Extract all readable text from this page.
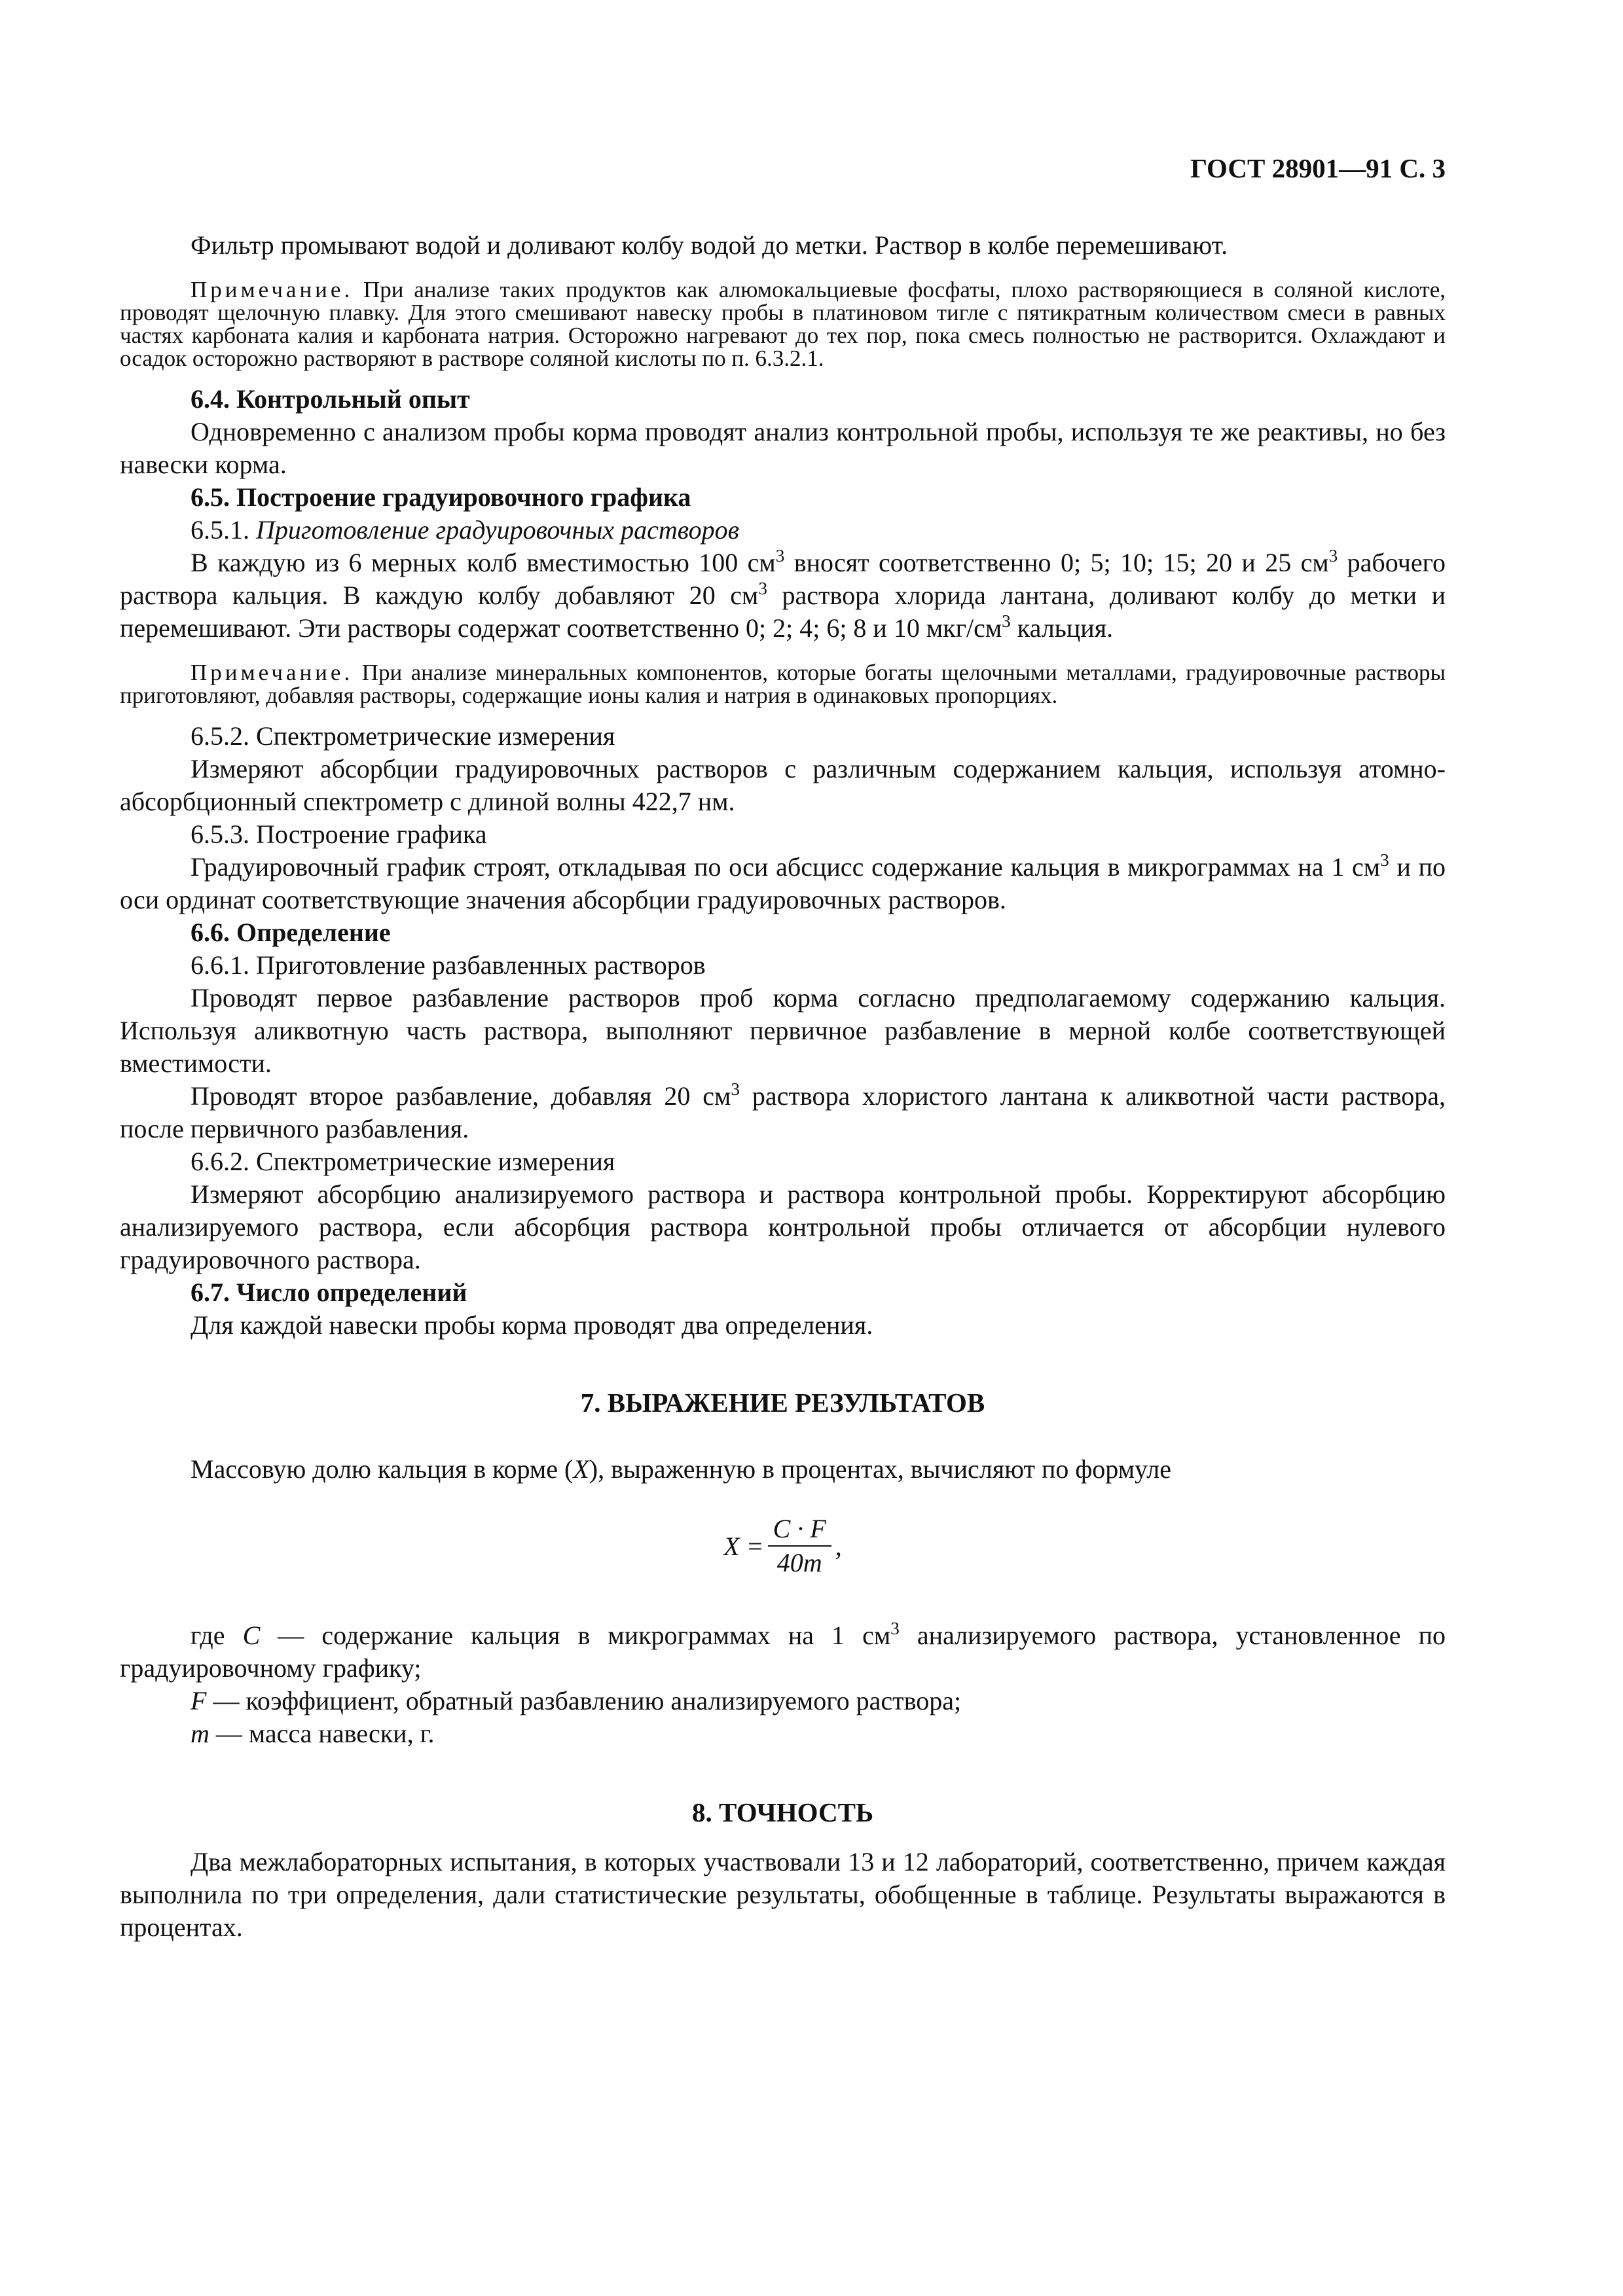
ГОСТ 28901—91 С. 3

Фильтр промывают водой и доливают колбу водой до метки. Раствор в колбе перемешивают.

Примечание. При анализе таких продуктов как алюмокальциевые фосфаты, плохо растворяющиеся в соляной кислоте, проводят щелочную плавку. Для этого смешивают навеску пробы в платиновом тигле с пятикратным количеством смеси в равных частях карбоната калия и карбоната натрия. Осторожно нагревают до тех пор, пока смесь полностью не растворится. Охлаждают и осадок осторожно растворяют в растворе соляной кислоты по п. 6.3.2.1.

6.4. Контрольный опыт

Одновременно с анализом пробы корма проводят анализ контрольной пробы, используя те же реактивы, но без навески корма.

6.5. Построение градуировочного графика

6.5.1. Приготовление градуировочных растворов

В каждую из 6 мерных колб вместимостью 100 $см^3$ вносят соответственно 0; 5; 10; 15; 20 и 25 $см^3$ рабочего раствора кальция. В каждую колбу добавляют 20 $см^3$ раствора хлорида лантана, доливают колбу до метки и перемешивают. Эти растворы содержат соответственно 0; 2; 4; 6; 8 и 10 мкг/$см^3$ кальция.

Примечание. При анализе минеральных компонентов, которые богаты щелочными металлами, градуировочные растворы приготовляют, добавляя растворы, содержащие ионы калия и натрия в одинаковых пропорциях.

6.5.2. Спектрометрические измерения

Измеряют абсорбции градуировочных растворов с различным содержанием кальция, используя атомно-абсорбционный спектрометр с длиной волны 422,7 нм.

6.5.3. Построение графика

Градуировочный график строят, откладывая по оси абсцисс содержание кальция в микрограммах на 1 $см^3$ и по оси ординат соответствующие значения абсорбции градуировочных растворов.

6.6. Определение

6.6.1. Приготовление разбавленных растворов

Проводят первое разбавление растворов проб корма согласно предполагаемому содержанию кальция. Используя аликвотную часть раствора, выполняют первичное разбавление в мерной колбе соответствующей вместимости.

Проводят второе разбавление, добавляя 20 $см^3$ раствора хлористого лантана к аликвотной части раствора, после первичного разбавления.

6.6.2. Спектрометрические измерения

Измеряют абсорбцию анализируемого раствора и раствора контрольной пробы. Корректируют абсорбцию анализируемого раствора, если абсорбция раствора контрольной пробы отличается от абсорбции нулевого градуировочного раствора.

6.7. Число определений

Для каждой навески пробы корма проводят два определения.

7. ВЫРАЖЕНИЕ РЕЗУЛЬТАТОВ

Массовую долю кальция в корме (X), выраженную в процентах, вычисляют по формуле

$X = \frac{C \cdot F}{40m}$ ,

где C — содержание кальция в микрограммах на 1 $см^3$ анализируемого раствора, установленное по градуировочному графику;

F — коэффициент, обратный разбавлению анализируемого раствора;

m — масса навески, г.

8. ТОЧНОСТЬ

Два межлабораторных испытания, в которых участвовали 13 и 12 лабораторий, соответственно, причем каждая выполнила по три определения, дали статистические результаты, обобщенные в таблице. Результаты выражаются в процентах.
